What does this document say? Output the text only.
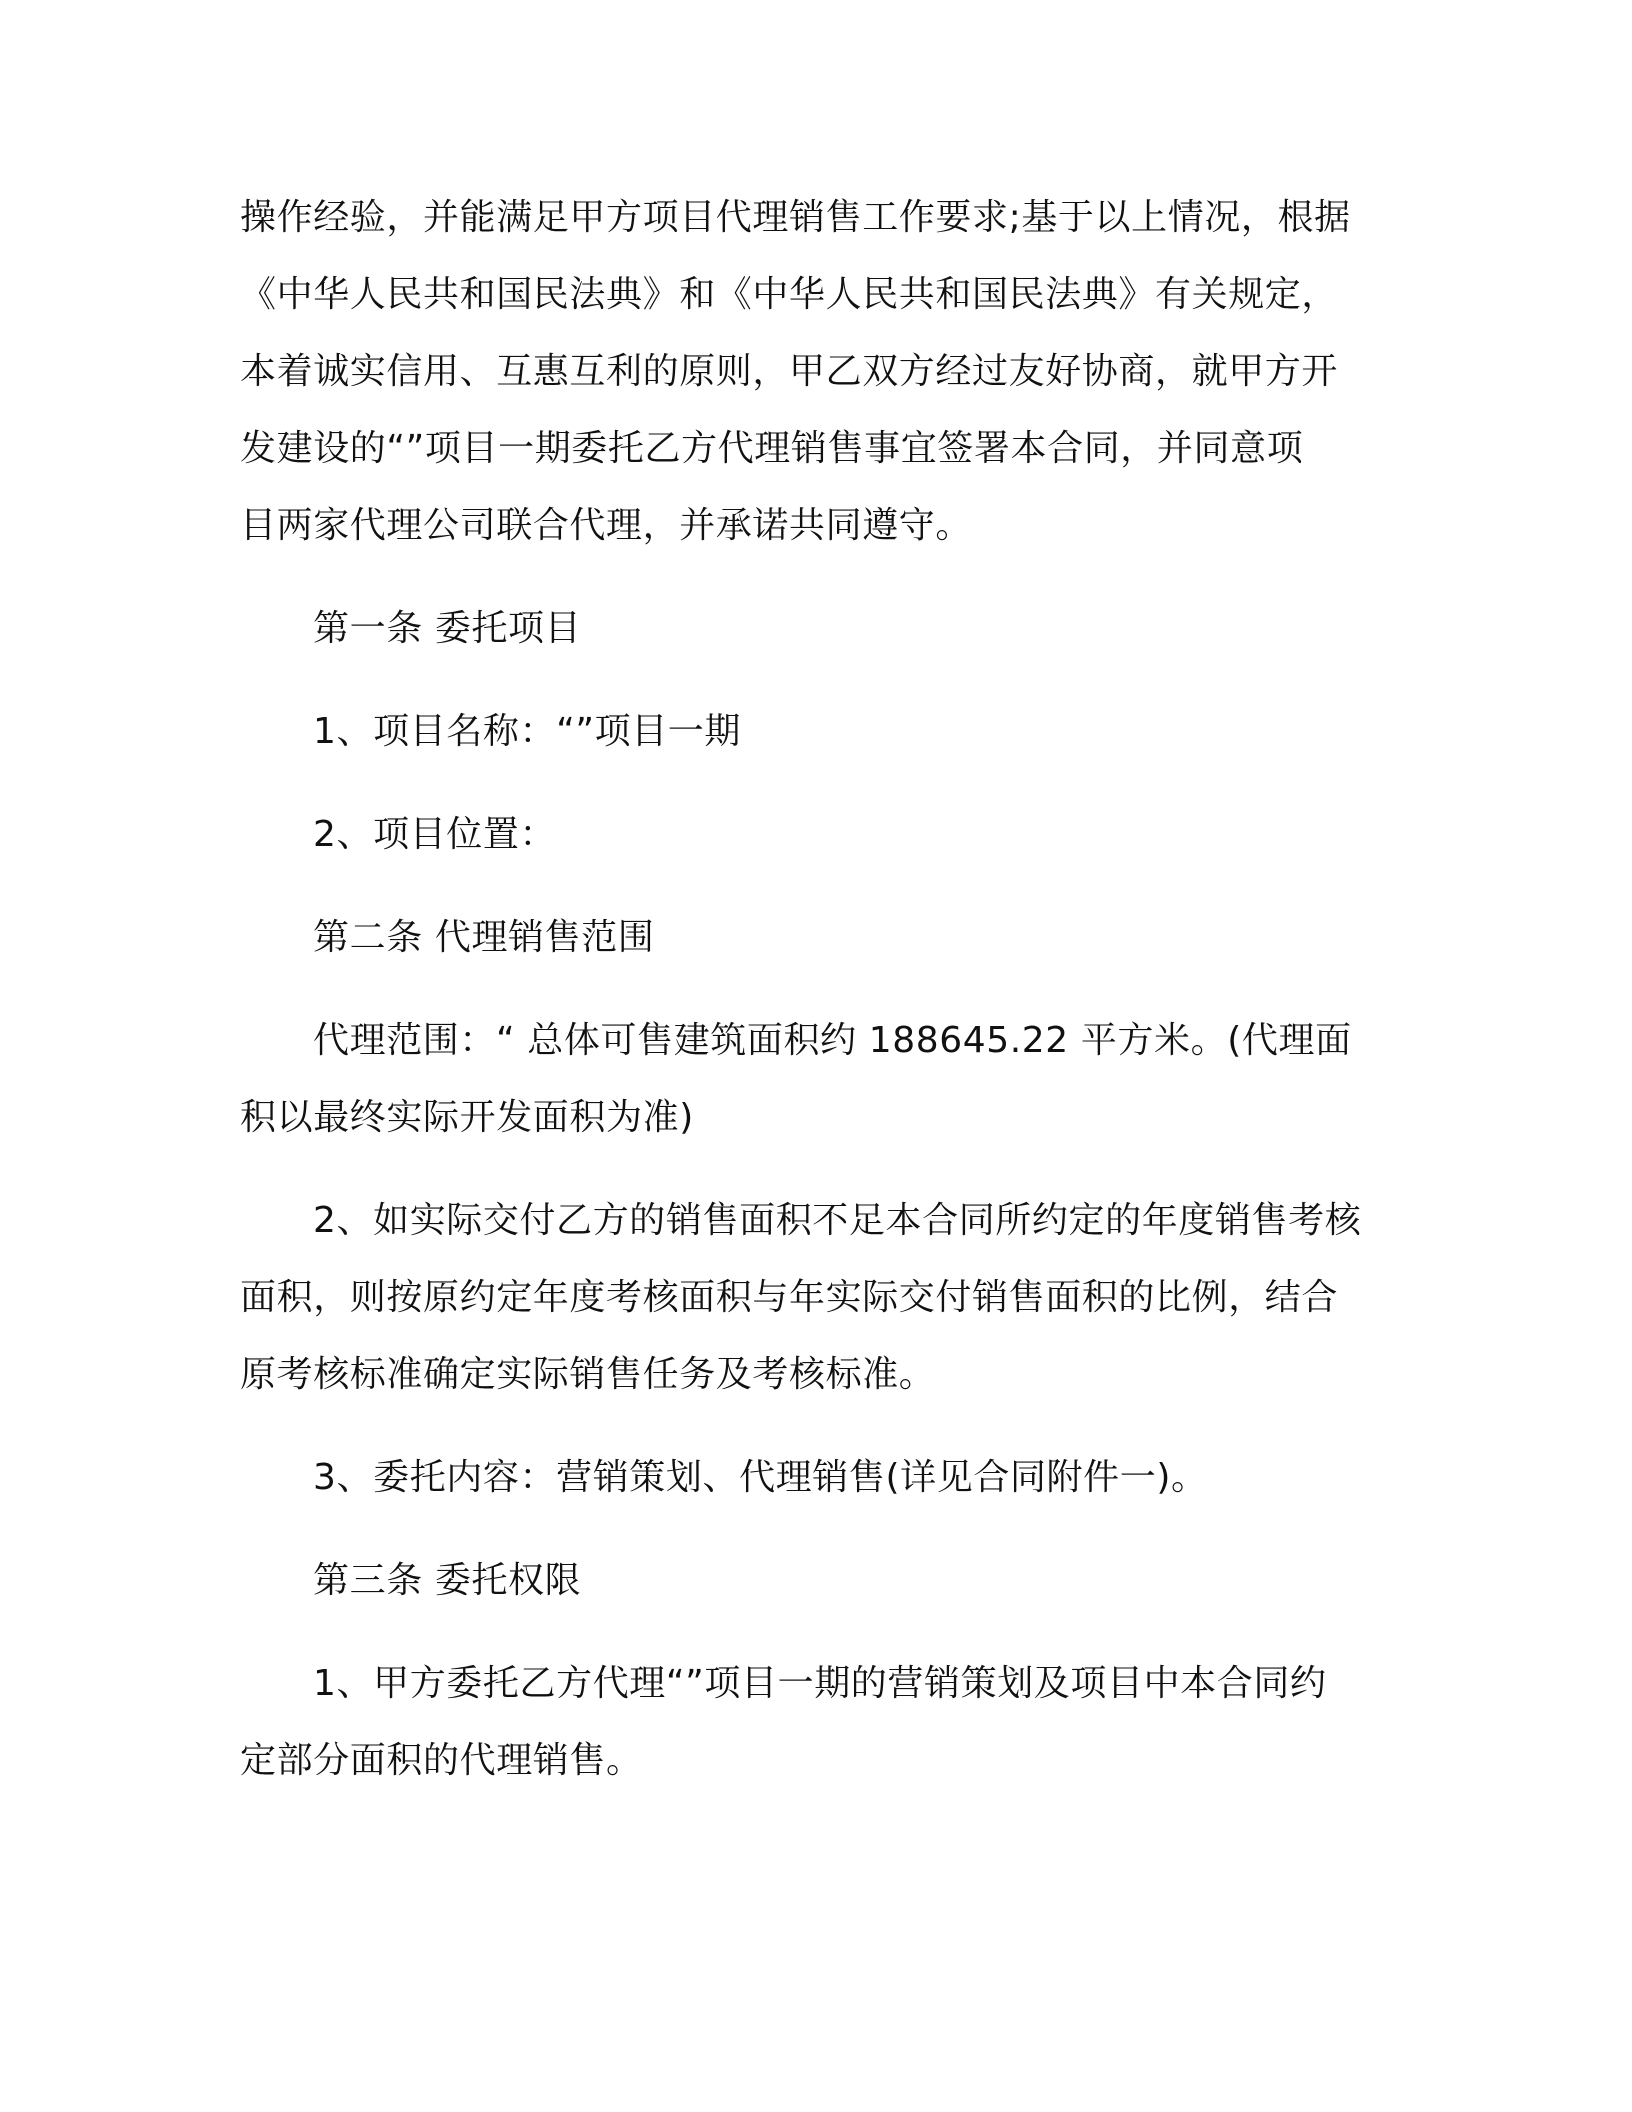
操作经验，并能满足甲方项目代理销售工作要求;基于以上情况，根据
《中华人民共和国民法典》和《中华人民共和国民法典》有关规定，
本着诚实信用、互惠互利的原则，甲乙双方经过友好协商，就甲方开
发建设的“”项目一期委托乙方代理销售事宜签署本合同，并同意项
目两家代理公司联合代理，并承诺共同遵守。
第一条 委托项目
1、项目名称：“”项目一期
2、项目位置：
第二条 代理销售范围
代理范围：“ 总体可售建筑面积约 188645.22 平方米。(代理面
积以最终实际开发面积为准)
2、如实际交付乙方的销售面积不足本合同所约定的年度销售考核
面积，则按原约定年度考核面积与年实际交付销售面积的比例，结合
原考核标准确定实际销售任务及考核标准。
3、委托内容：营销策划、代理销售(详见合同附件一)。
第三条 委托权限
1、甲方委托乙方代理“”项目一期的营销策划及项目中本合同约
定部分面积的代理销售。
